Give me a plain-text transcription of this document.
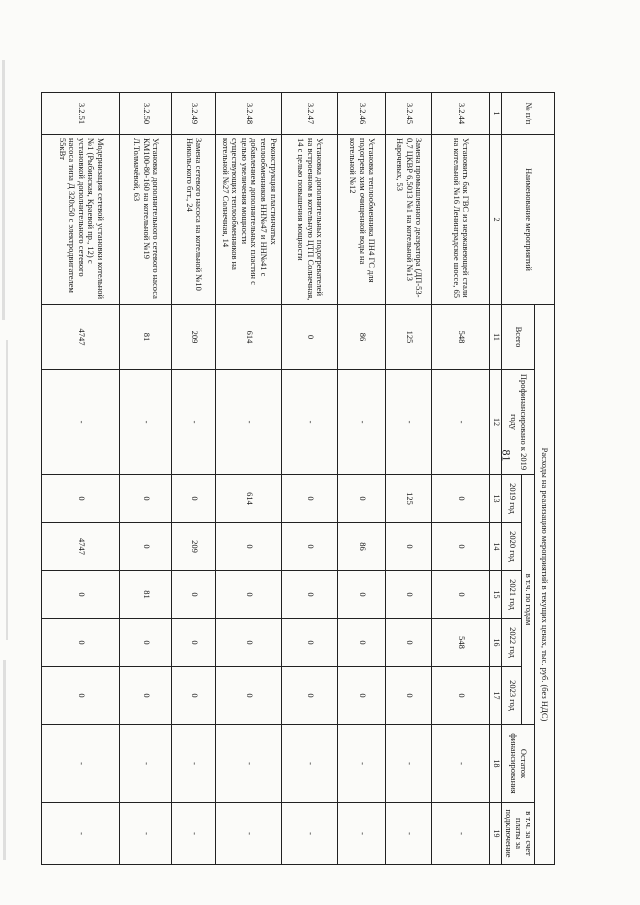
81
№ п/п	Наименование мероприятий	Расходы на реализацию мероприятий в текущих ценах, тыс. руб. (без НДС)								
		Всего	Профинансировано к 2019 году	в т.ч. по годам					Остаток финансирования	в т.ч. за счет платы за подключение
				2019 год	2020 год	2021 год	2022 год	2023 год		
1	2	11	12	13	14	15	16	17	18	19
3.2.44	Установить бак ГВС из нержавеющей стали на котельной №16 Ленинградское шоссе, 65	548	-	0	0	0	548	0	-	-
3.2.45	Замена промышленного деаэратора (ДП-53-0,7 ЦКВР 6,5013 №1 на котельной №13 Нарочевых, 53	125	-	125	0	0	0	0	-	-
3.2.46	Установка теплообменника ПН4 ГС для подогрева хим очищенной воды на котельной №12	86	-	0	86	0	0	0	-	-
3.2.47	Установка дополнительных подогревателей на встроенном в котельную ЦТП Солнечная, 14 с целью повышения мощности	0	-	0	0	0	0	0	-	-
3.2.48	Реконструкция пластинчатых теплообменников НН№47 и НН№41 с добавлением дополнительных пластин с целью увеличения мощности существующих теплообменников на котельной №27 Солнечная, 14	614	-	614	0	0	0	0	-	-
3.2.49	Замена сетевого насоса на котельной №10 Никольского бгт., 24	209	-	0	209	0	0	0	-	-
3.2.50	Установка дополнительного сетевого насоса КМ100-80-160 на котельной №19 Л.Толмачёвой, 63	81	-	0	0	81	0	0	-	-
3.2.51	Модернизация сетевой установки котельной №1 (Рыбинская, Краевой пр., 12) с установкой дополнительного сетевого насоса типа Д 320х50 с электродвигателем 55кВт	4747	-	0	4747	0	0	0	-	-
